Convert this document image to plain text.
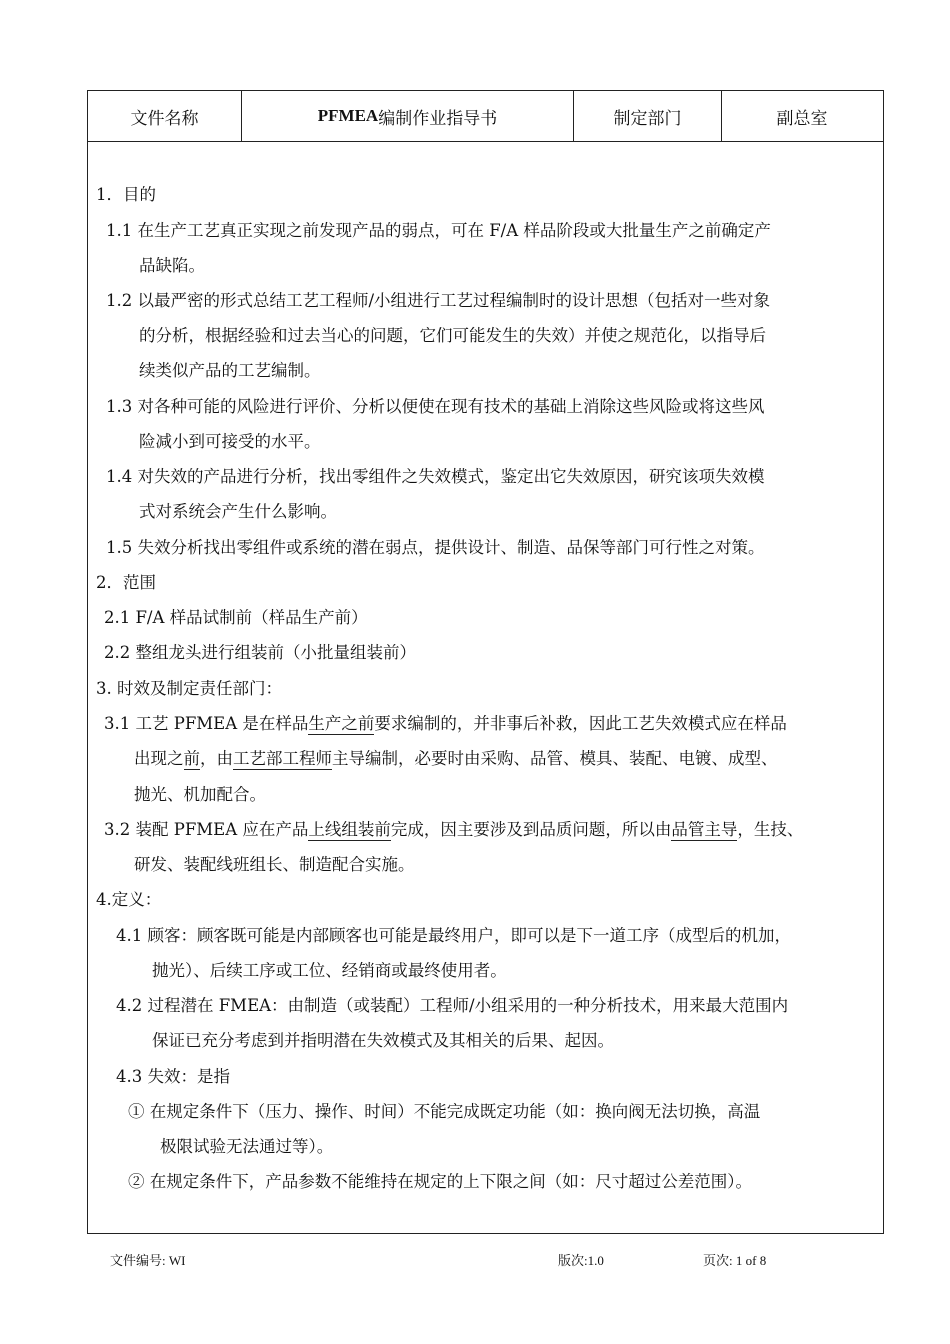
文件名称	PFMEA 编制作业指导书	制定部门	副总室
1．目的
1.1 在生产工艺真正实现之前发现产品的弱点，可在 F/A 样品阶段或大批量生产之前确定产
品缺陷。
1.2 以最严密的形式总结工艺工程师/小组进行工艺过程编制时的设计思想（包括对一些对象
的分析，根据经验和过去当心的问题，它们可能发生的失效）并使之规范化，以指导后
续类似产品的工艺编制。
1.3 对各种可能的风险进行评价、分析以便使在现有技术的基础上消除这些风险或将这些风
险减小到可接受的水平。
1.4 对失效的产品进行分析，找出零组件之失效模式，鉴定出它失效原因，研究该项失效模
式对系统会产生什么影响。
1.5 失效分析找出零组件或系统的潜在弱点，提供设计、制造、品保等部门可行性之对策。
2．范围
2.1 F/A 样品试制前（样品生产前）
2.2 整组龙头进行组装前（小批量组装前）
3. 时效及制定责任部门：
3.1 工艺 PFMEA 是在样品生产之前要求编制的，并非事后补救，因此工艺失效模式应在样品
出现之前，由工艺部工程师主导编制，必要时由采购、品管、模具、装配、电镀、成型、
抛光、机加配合。
3.2 装配 PFMEA 应在产品上线组装前完成，因主要涉及到品质问题，所以由品管主导，生技、
研发、装配线班组长、制造配合实施。
4.定义：
4.1 顾客：顾客既可能是内部顾客也可能是最终用户，即可以是下一道工序（成型后的机加，
抛光）、后续工序或工位、经销商或最终使用者。
4.2 过程潜在 FMEA：由制造（或装配）工程师/小组采用的一种分析技术，用来最大范围内
保证已充分考虑到并指明潜在失效模式及其相关的后果、起因。
4.3 失效：是指
① 在规定条件下（压力、操作、时间）不能完成既定功能（如：换向阀无法切换，高温
极限试验无法通过等）。
② 在规定条件下，产品参数不能维持在规定的上下限之间（如：尺寸超过公差范围）。
文件编号: WI	版次:1.0	页次: 1 of 8
